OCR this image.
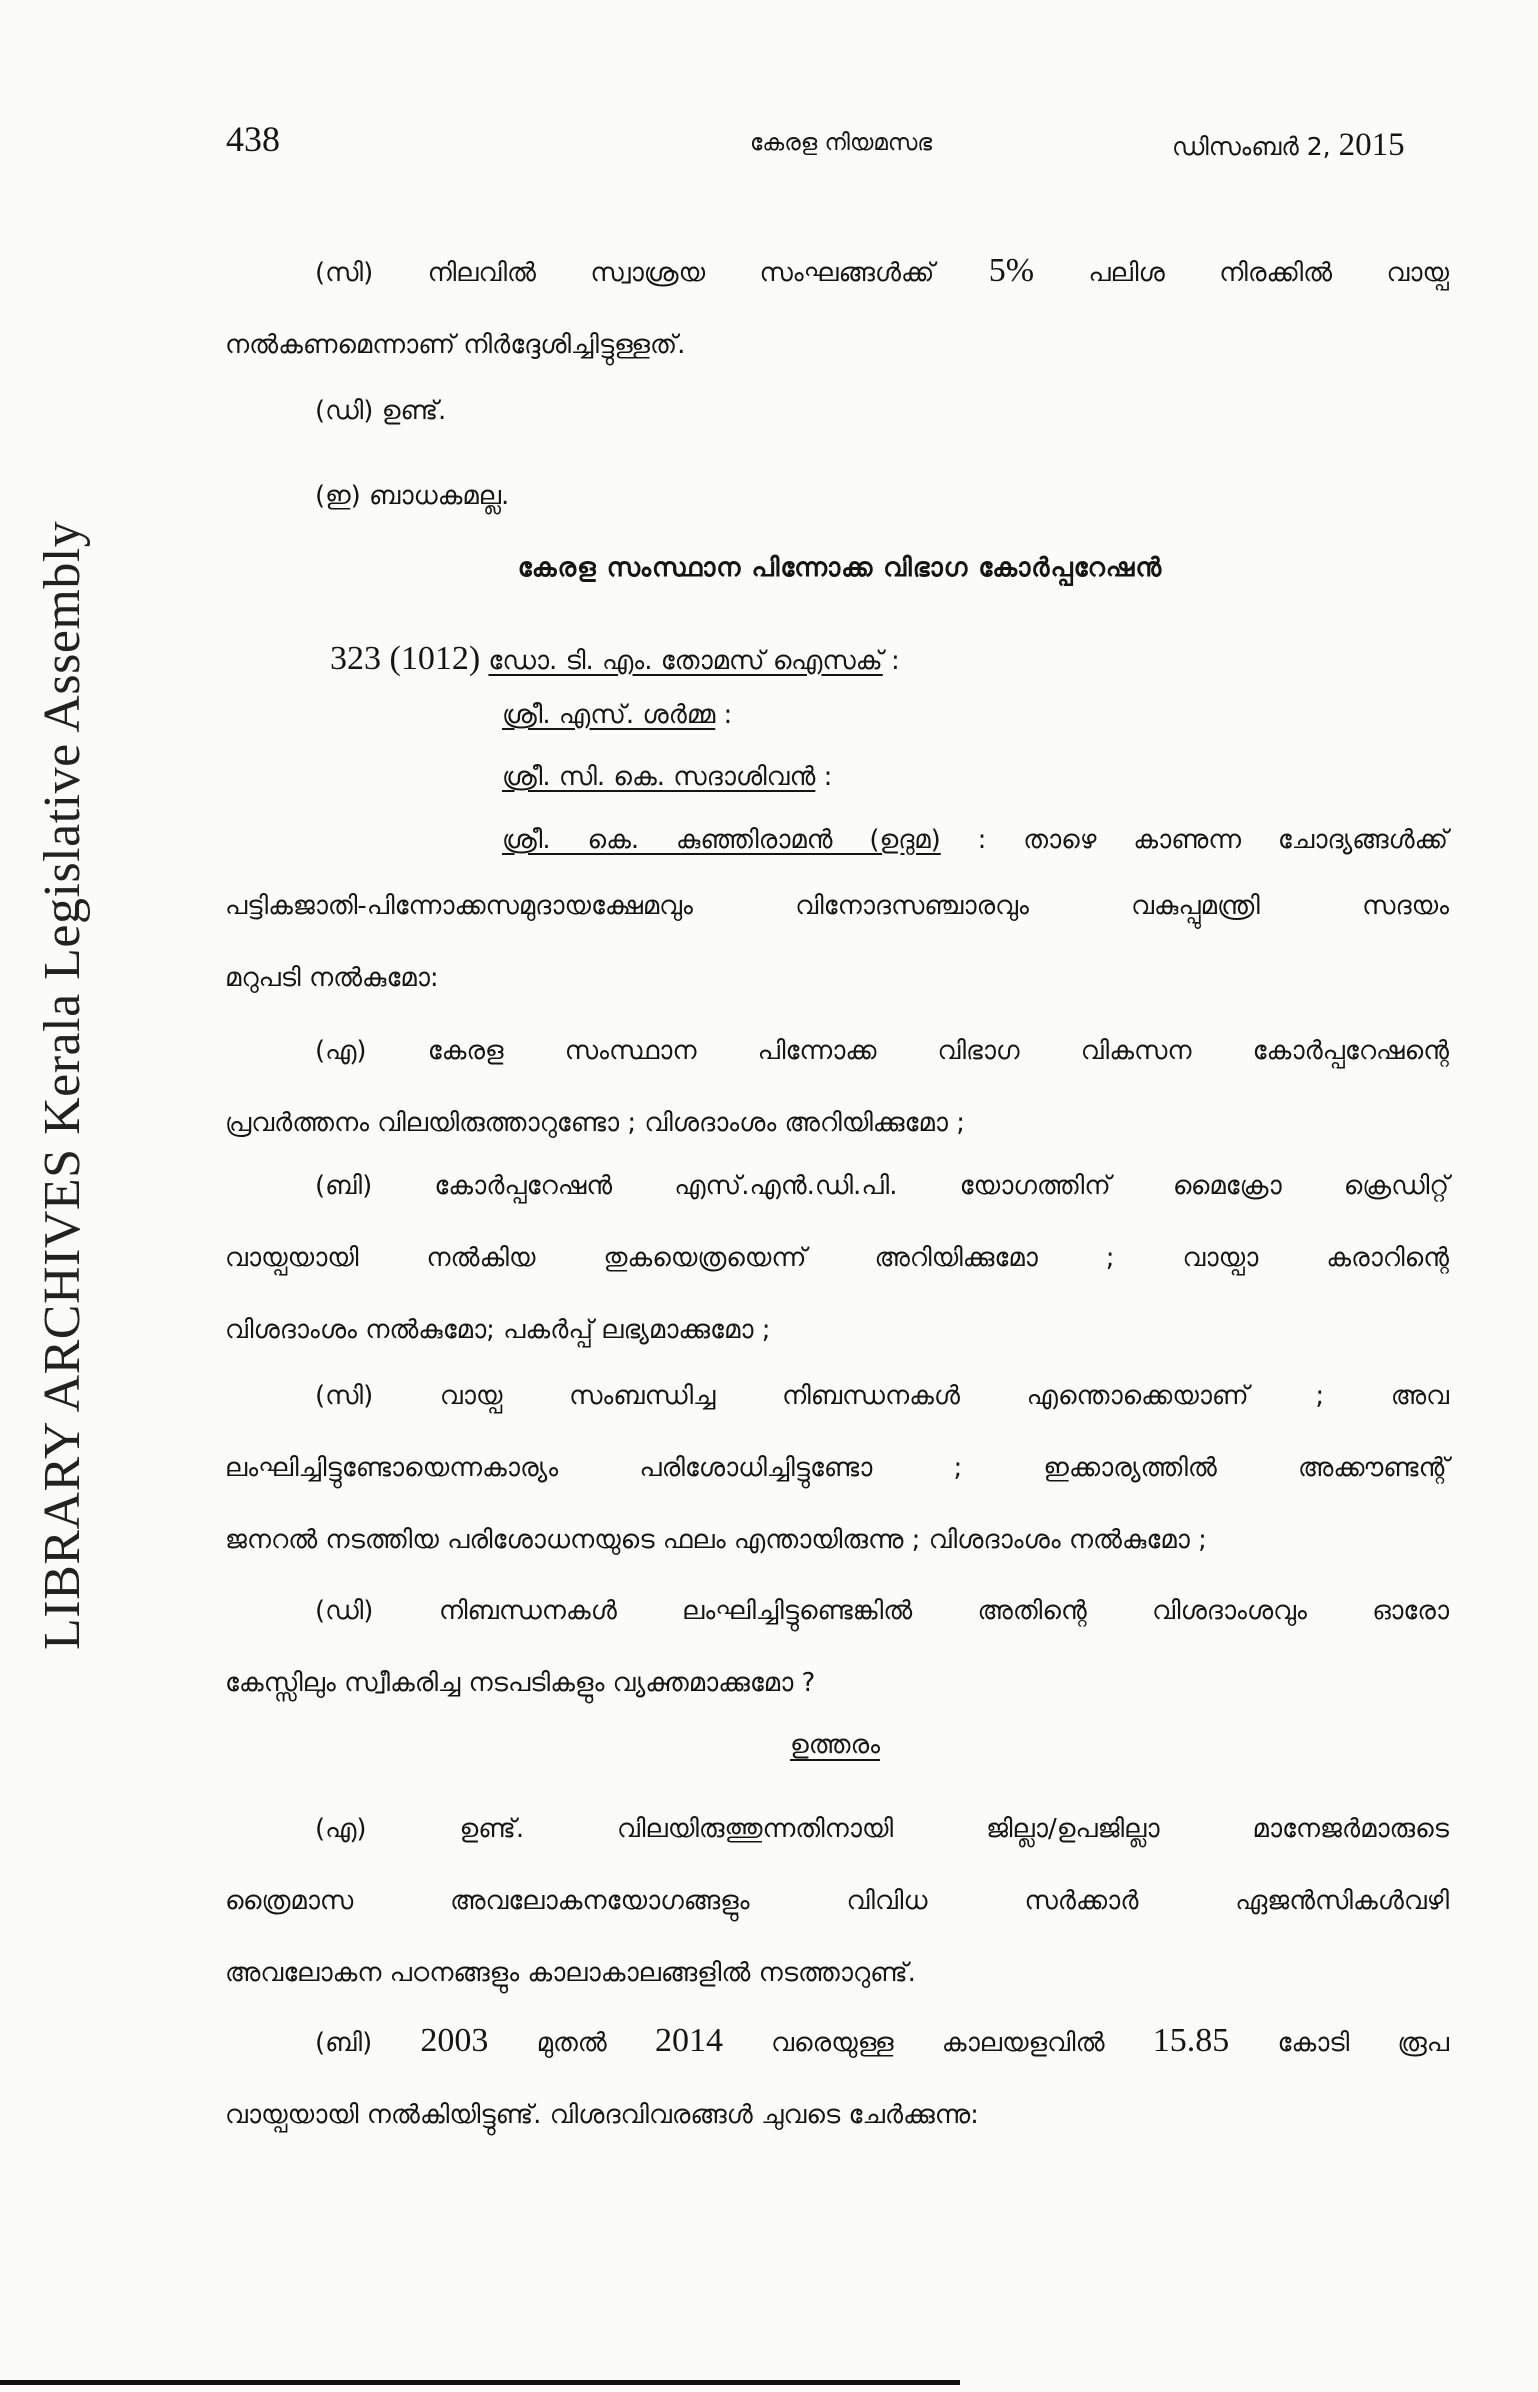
438	കേരള നിയമസഭ	ഡിസംബർ 2, 2015
(സി) നിലവിൽ സ്വാശ്രയ സംഘങ്ങൾക്ക് 5% പലിശ നിരക്കിൽ വായ്പ
നൽകണമെന്നാണ് നിർദ്ദേശിച്ചിട്ടുള്ളത്.
(ഡി) ഉണ്ട്.
(ഇ) ബാധകമല്ല.
കേരള സംസ്ഥാന പിന്നോക്ക വിഭാഗ കോർപ്പറേഷൻ
323 (1012) ഡോ. ടി. എം. തോമസ് ഐസക് :
ശ്രീ. എസ്. ശർമ്മ :
ശ്രീ. സി. കെ. സദാശിവൻ :
ശ്രീ. കെ. കുഞ്ഞിരാമൻ (ഉദുമ) : താഴെ കാണുന്ന ചോദ്യങ്ങൾക്ക്
പട്ടികജാതി-പിന്നോക്കസമുദായക്ഷേമവും വിനോദസഞ്ചാരവും വകുപ്പുമന്ത്രി സദയം
മറുപടി നൽകുമോ:
(എ) കേരള സംസ്ഥാന പിന്നോക്ക വിഭാഗ വികസന കോർപ്പറേഷന്റെ
പ്രവർത്തനം വിലയിരുത്താറുണ്ടോ ; വിശദാംശം അറിയിക്കുമോ ;
(ബി) കോർപ്പറേഷൻ എസ്.എൻ.ഡി.പി. യോഗത്തിന് മൈക്രോ ക്രെഡിറ്റ്
വായ്പയായി നൽകിയ തുകയെത്രയെന്ന് അറിയിക്കുമോ ; വായ്പാ കരാറിന്റെ
വിശദാംശം നൽകുമോ; പകർപ്പ് ലഭ്യമാക്കുമോ ;
(സി) വായ്പ സംബന്ധിച്ച നിബന്ധനകൾ എന്തൊക്കെയാണ് ; അവ
ലംഘിച്ചിട്ടുണ്ടോയെന്നകാര്യം പരിശോധിച്ചിട്ടുണ്ടോ ; ഇക്കാര്യത്തിൽ അക്കൗണ്ടന്റ്
ജനറൽ നടത്തിയ പരിശോധനയുടെ ഫലം എന്തായിരുന്നു ; വിശദാംശം നൽകുമോ ;
(ഡി) നിബന്ധനകൾ ലംഘിച്ചിട്ടുണ്ടെങ്കിൽ അതിന്റെ വിശദാംശവും ഓരോ
കേസ്സിലും സ്വീകരിച്ച നടപടികളും വ്യക്തമാക്കുമോ ?
ഉത്തരം
(എ) ഉണ്ട്. വിലയിരുത്തുന്നതിനായി ജില്ലാ/ഉപജില്ലാ മാനേജർമാരുടെ
ത്രൈമാസ അവലോകനയോഗങ്ങളും വിവിധ സർക്കാർ ഏജൻസികൾവഴി
അവലോകന പഠനങ്ങളും കാലാകാലങ്ങളിൽ നടത്താറുണ്ട്.
(ബി) 2003 മുതൽ 2014 വരെയുള്ള കാലയളവിൽ 15.85 കോടി രൂപ
വായ്പയായി നൽകിയിട്ടുണ്ട്. വിശദവിവരങ്ങൾ ചുവടെ ചേർക്കുന്നു:
LIBRARY ARCHIVES Kerala Legislative Assembly
